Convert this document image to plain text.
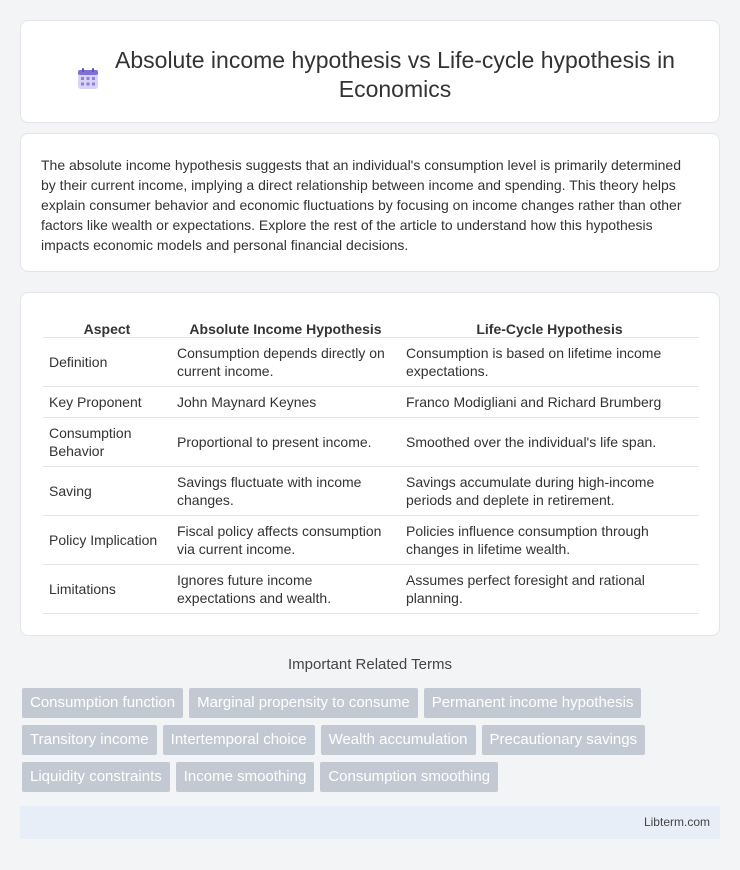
Absolute income hypothesis vs Life-cycle hypothesis in Economics

The absolute income hypothesis suggests that an individual's consumption level is primarily determined by their current income, implying a direct relationship between income and spending. This theory helps explain consumer behavior and economic fluctuations by focusing on income changes rather than other factors like wealth or expectations. Explore the rest of the article to understand how this hypothesis impacts economic models and personal financial decisions.

Aspect	Absolute Income Hypothesis	Life-Cycle Hypothesis
Definition	Consumption depends directly on current income.	Consumption is based on lifetime income expectations.
Key Proponent	John Maynard Keynes	Franco Modigliani and Richard Brumberg
Consumption Behavior	Proportional to present income.	Smoothed over the individual's life span.
Saving	Savings fluctuate with income changes.	Savings accumulate during high-income periods and deplete in retirement.
Policy Implication	Fiscal policy affects consumption via current income.	Policies influence consumption through changes in lifetime wealth.
Limitations	Ignores future income expectations and wealth.	Assumes perfect foresight and rational planning.
Important Related Terms
Consumption function	Marginal propensity to consume	Permanent income hypothesis
Transitory income	Intertemporal choice	Wealth accumulation	Precautionary savings
Liquidity constraints	Income smoothing	Consumption smoothing
Libterm.com
